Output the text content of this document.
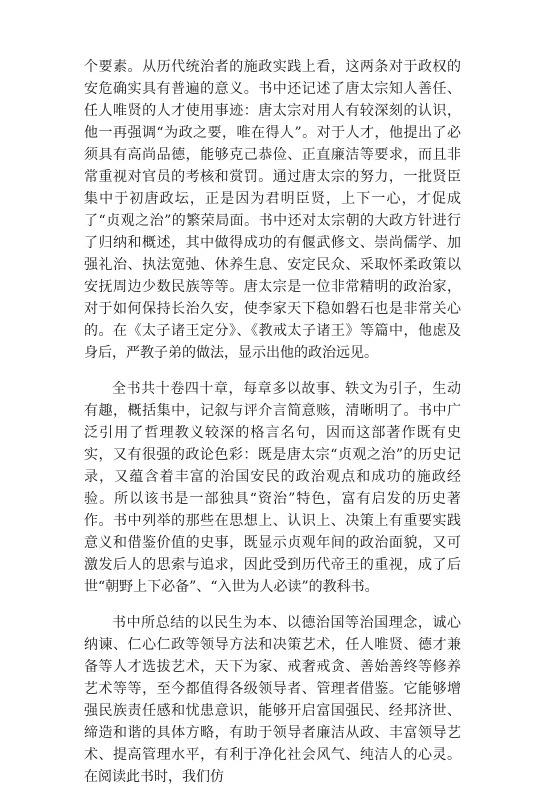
个要素。从历代统治者的施政实践上看，这两条对于政权的安危确实具有普遍的意义。书中还记述了唐太宗知人善任、任人唯贤的人才使用事迹：唐太宗对用人有较深刻的认识，他一再强调“为政之要，唯在得人”。对于人才，他提出了必须具有高尚品德，能够克己恭俭、正直廉洁等要求，而且非常重视对官员的考核和赏罚。通过唐太宗的努力，一批贤臣集中于初唐政坛，正是因为君明臣贤，上下一心，才促成了“贞观之治”的繁荣局面。书中还对太宗朝的大政方针进行了归纳和概述，其中做得成功的有偃武修文、崇尚儒学、加强礼治、执法宽弛、休养生息、安定民众、采取怀柔政策以安抚周边少数民族等等。唐太宗是一位非常精明的政治家，对于如何保持长治久安，使李家天下稳如磐石也是非常关心的。在《太子诸王定分》、《教戒太子诸王》等篇中，他虑及身后，严教子弟的做法，显示出他的政治远见。

全书共十卷四十章，每章多以故事、轶文为引子，生动有趣，概括集中，记叙与评介言简意赅，清晰明了。书中广泛引用了哲理教义较深的格言名句，因而这部著作既有史实，又有很强的政论色彩：既是唐太宗“贞观之治”的历史记录，又蕴含着丰富的治国安民的政治观点和成功的施政经验。所以该书是一部独具“资治”特色，富有启发的历史著作。书中列举的那些在思想上、认识上、决策上有重要实践意义和借鉴价值的史事，既显示贞观年间的政治面貌，又可激发后人的思索与追求，因此受到历代帝王的重视，成了后世“朝野上下必备”、“入世为人必读”的教科书。

书中所总结的以民生为本、以德治国等治国理念，诚心纳谏、仁心仁政等领导方法和决策艺术，任人唯贤、德才兼备等人才选拔艺术，天下为家、戒奢戒贪、善始善终等修养艺术等等，至今都值得各级领导者、管理者借鉴。它能够增强民族责任感和忧患意识，能够开启富国强民、经邦济世、缔造和谐的具体方略，有助于领导者廉洁从政、丰富领导艺术、提高管理水平，有利于净化社会风气、纯洁人的心灵。在阅读此书时，我们仿
